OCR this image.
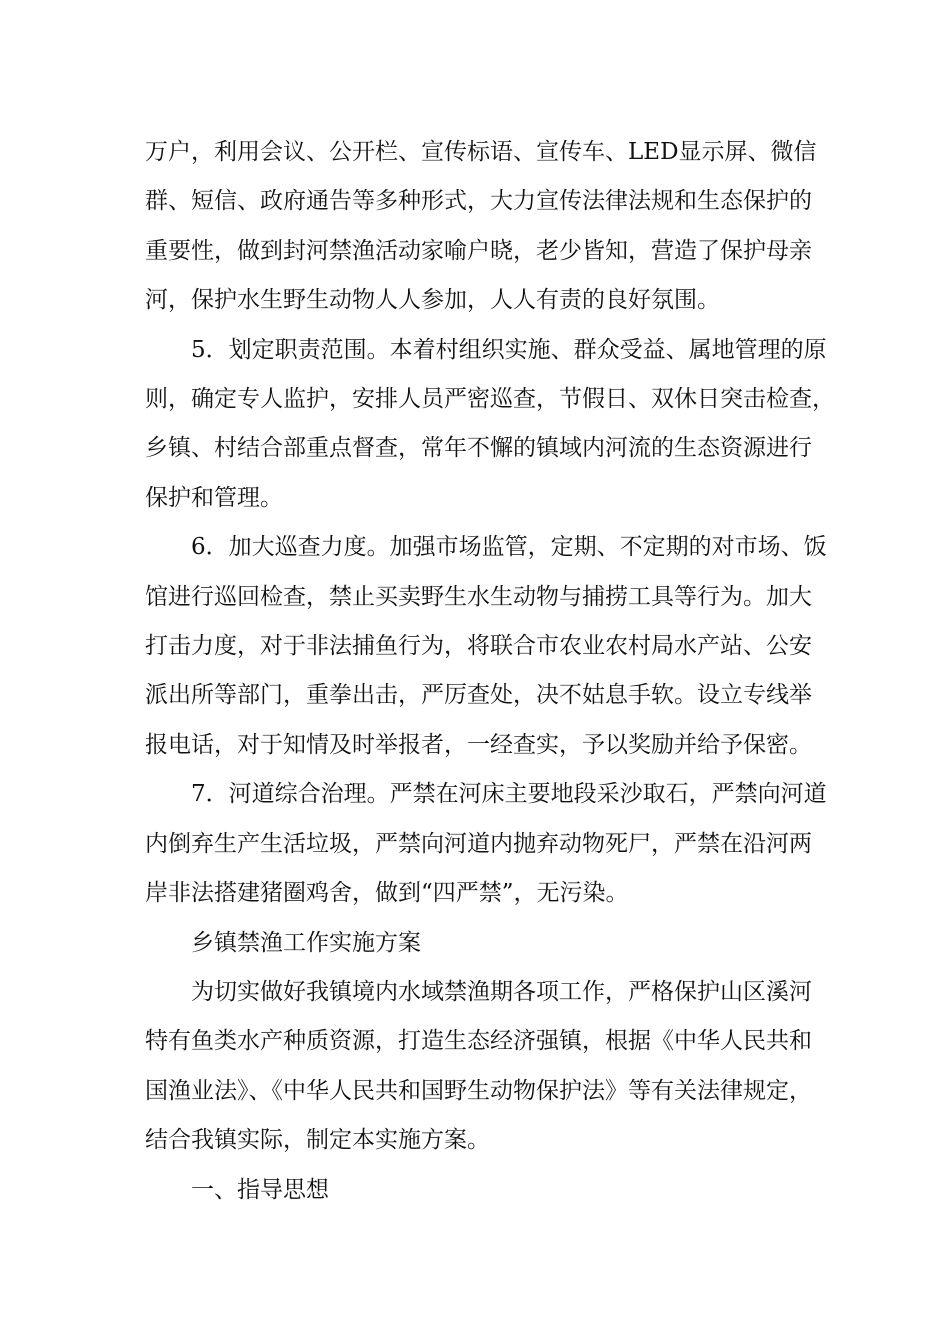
万户，利用会议、公开栏、宣传标语、宣传车、LED显示屏、微信
群、短信、政府通告等多种形式，大力宣传法律法规和生态保护的
重要性，做到封河禁渔活动家喻户晓，老少皆知，营造了保护母亲
河，保护水生野生动物人人参加，人人有责的良好氛围。

5．划定职责范围。本着村组织实施、群众受益、属地管理的原
则，确定专人监护，安排人员严密巡查，节假日、双休日突击检查，
乡镇、村结合部重点督查，常年不懈的镇域内河流的生态资源进行
保护和管理。

6．加大巡查力度。加强市场监管，定期、不定期的对市场、饭
馆进行巡回检查，禁止买卖野生水生动物与捕捞工具等行为。加大
打击力度，对于非法捕鱼行为，将联合市农业农村局水产站、公安
派出所等部门，重拳出击，严厉查处，决不姑息手软。设立专线举
报电话，对于知情及时举报者，一经查实，予以奖励并给予保密。

7．河道综合治理。严禁在河床主要地段采沙取石，严禁向河道
内倒弃生产生活垃圾，严禁向河道内抛弃动物死尸，严禁在沿河两
岸非法搭建猪圈鸡舍，做到“四严禁”，无污染。

乡镇禁渔工作实施方案

为切实做好我镇境内水域禁渔期各项工作，严格保护山区溪河
特有鱼类水产种质资源，打造生态经济强镇，根据《中华人民共和
国渔业法》、《中华人民共和国野生动物保护法》等有关法律规定，
结合我镇实际，制定本实施方案。

一、指导思想
